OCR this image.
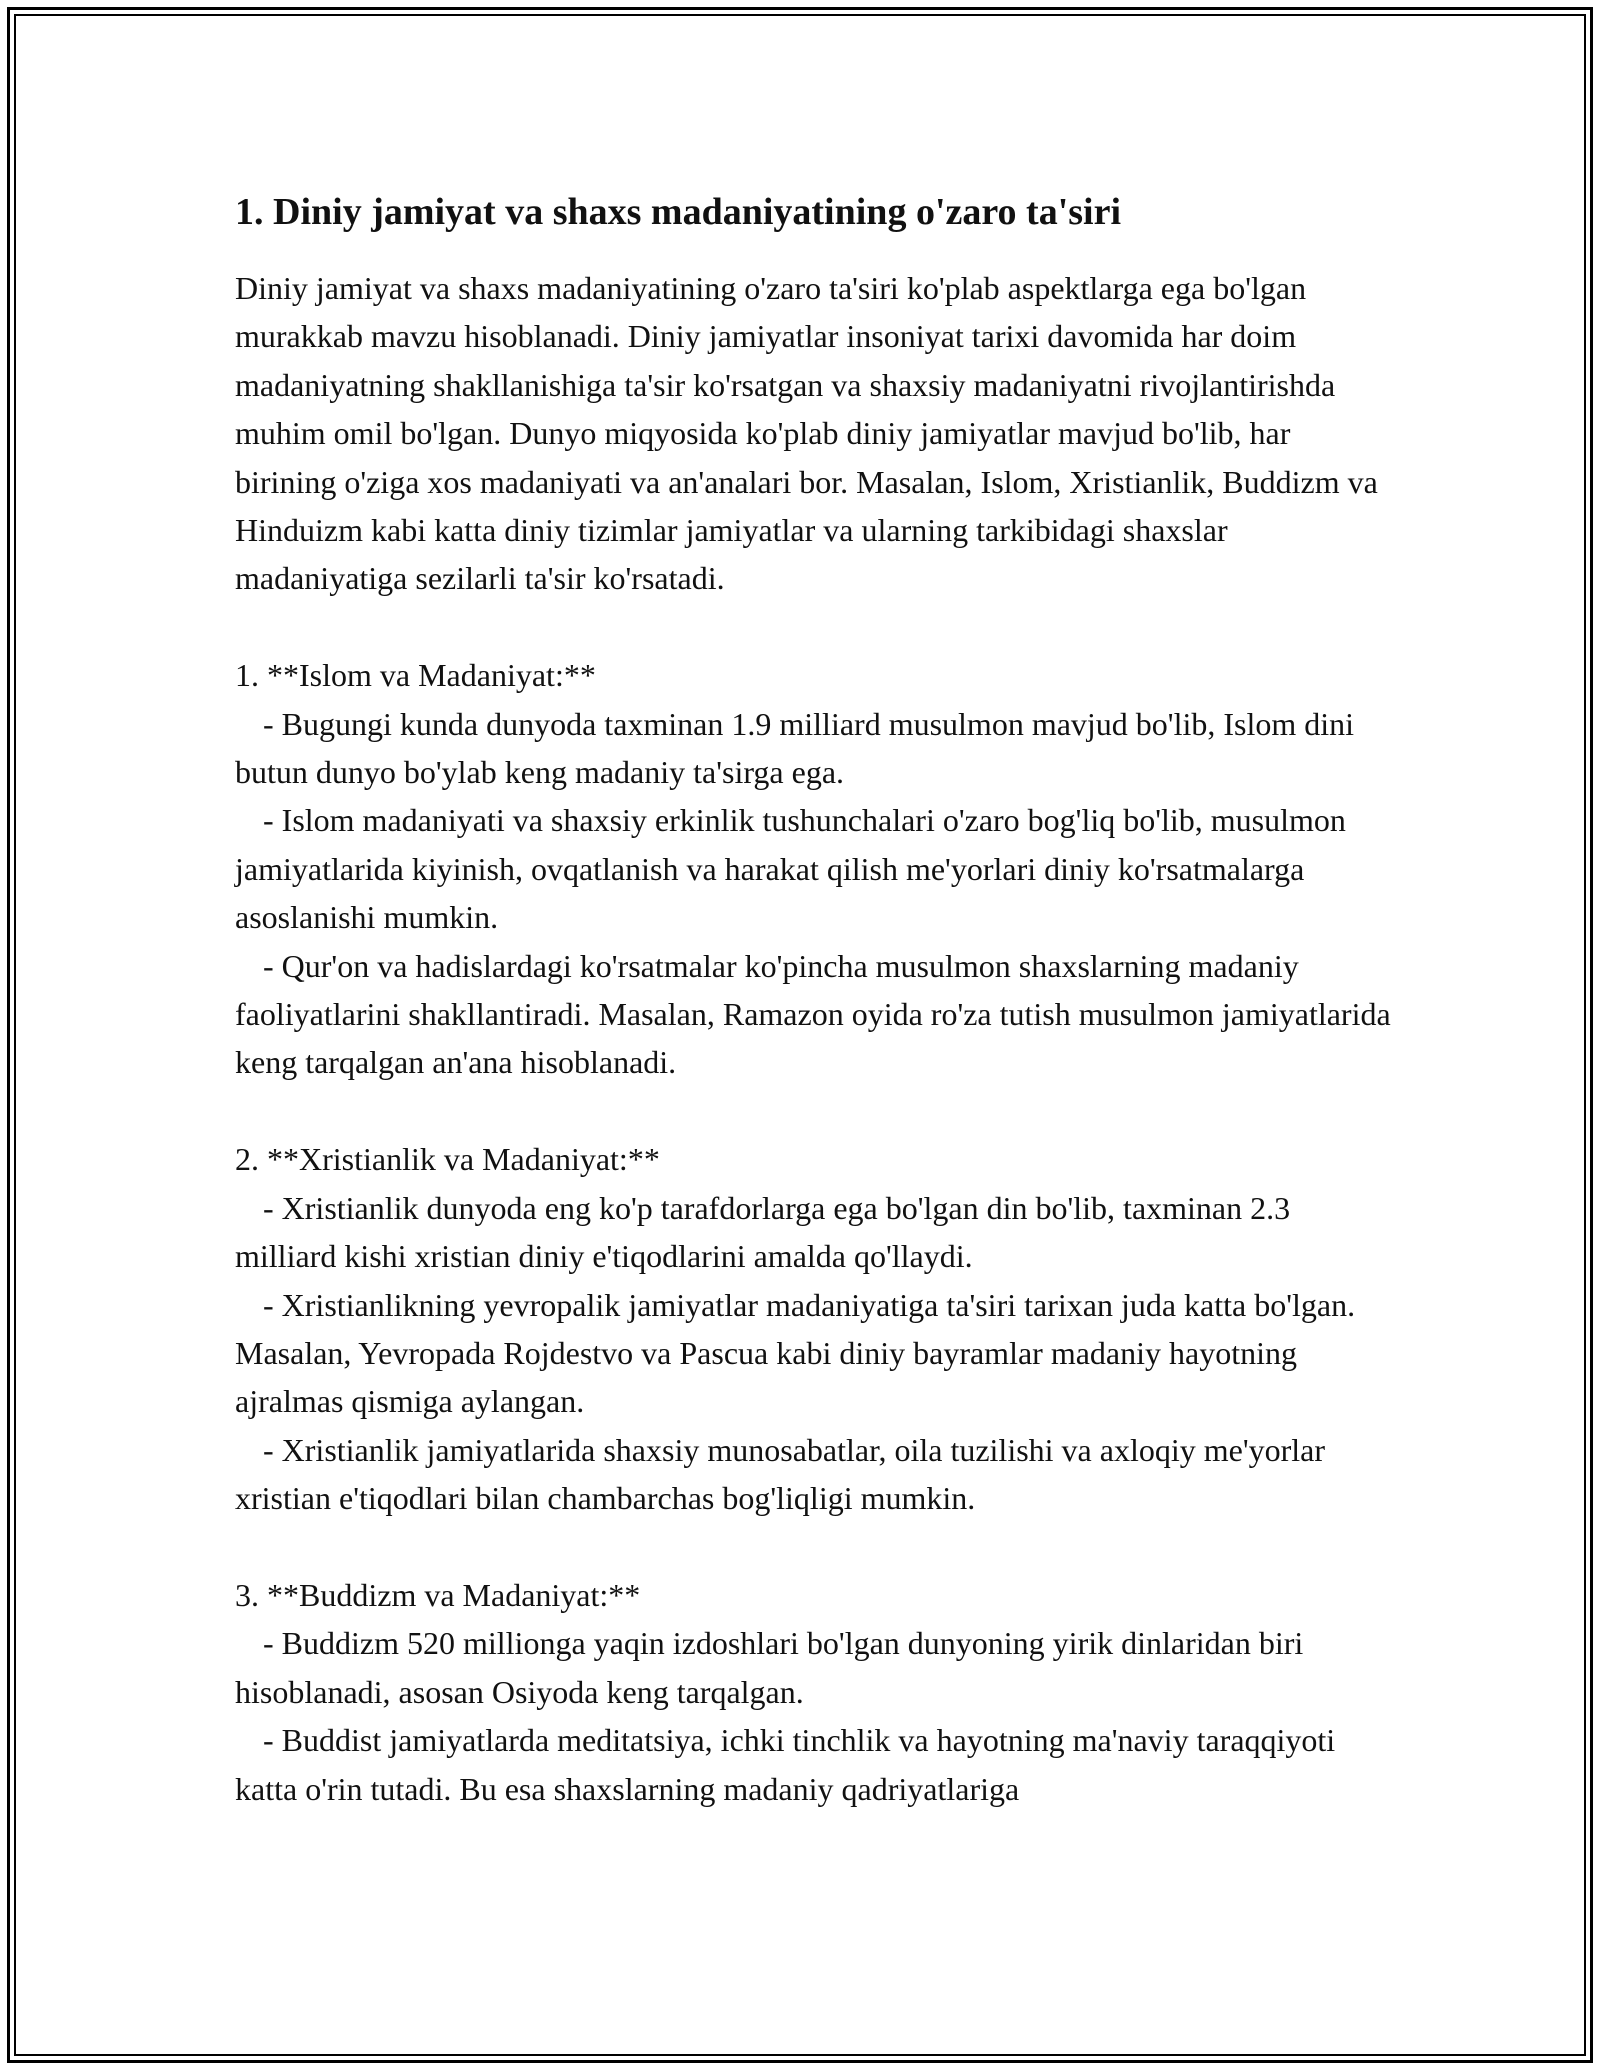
1. Diniy jamiyat va shaxs madaniyatining o'zaro ta'siri

Diniy jamiyat va shaxs madaniyatining o'zaro ta'siri ko'plab aspektlarga ega bo'lgan murakkab mavzu hisoblanadi. Diniy jamiyatlar insoniyat tarixi davomida har doim madaniyatning shakllanishiga ta'sir ko'rsatgan va shaxsiy madaniyatni rivojlantirishda muhim omil bo'lgan. Dunyo miqyosida ko'plab diniy jamiyatlar mavjud bo'lib, har birining o'ziga xos madaniyati va an'analari bor. Masalan, Islom, Xristianlik, Buddizm va Hinduizm kabi katta diniy tizimlar jamiyatlar va ularning tarkibidagi shaxslar madaniyatiga sezilarli ta'sir ko'rsatadi.

1. **Islom va Madaniyat:**
- Bugungi kunda dunyoda taxminan 1.9 milliard musulmon mavjud bo'lib, Islom dini butun dunyo bo'ylab keng madaniy ta'sirga ega.
- Islom madaniyati va shaxsiy erkinlik tushunchalari o'zaro bog'liq bo'lib, musulmon jamiyatlarida kiyinish, ovqatlanish va harakat qilish me'yorlari diniy ko'rsatmalarga asoslanishi mumkin.
- Qur'on va hadislardagi ko'rsatmalar ko'pincha musulmon shaxslarning madaniy faoliyatlarini shakllantiradi. Masalan, Ramazon oyida ro'za tutish musulmon jamiyatlarida keng tarqalgan an'ana hisoblanadi.
2. **Xristianlik va Madaniyat:**
- Xristianlik dunyoda eng ko'p tarafdorlarga ega bo'lgan din bo'lib, taxminan 2.3 milliard kishi xristian diniy e'tiqodlarini amalda qo'llaydi.
- Xristianlikning yevropalik jamiyatlar madaniyatiga ta'siri tarixan juda katta bo'lgan. Masalan, Yevropada Rojdestvo va Pascua kabi diniy bayramlar madaniy hayotning ajralmas qismiga aylangan.
- Xristianlik jamiyatlarida shaxsiy munosabatlar, oila tuzilishi va axloqiy me'yorlar xristian e'tiqodlari bilan chambarchas bog'liqligi mumkin.
3. **Buddizm va Madaniyat:**
- Buddizm 520 millionga yaqin izdoshlari bo'lgan dunyoning yirik dinlaridan biri hisoblanadi, asosan Osiyoda keng tarqalgan.
- Buddist jamiyatlarda meditatsiya, ichki tinchlik va hayotning ma'naviy taraqqiyoti katta o'rin tutadi. Bu esa shaxslarning madaniy qadriyatlariga
